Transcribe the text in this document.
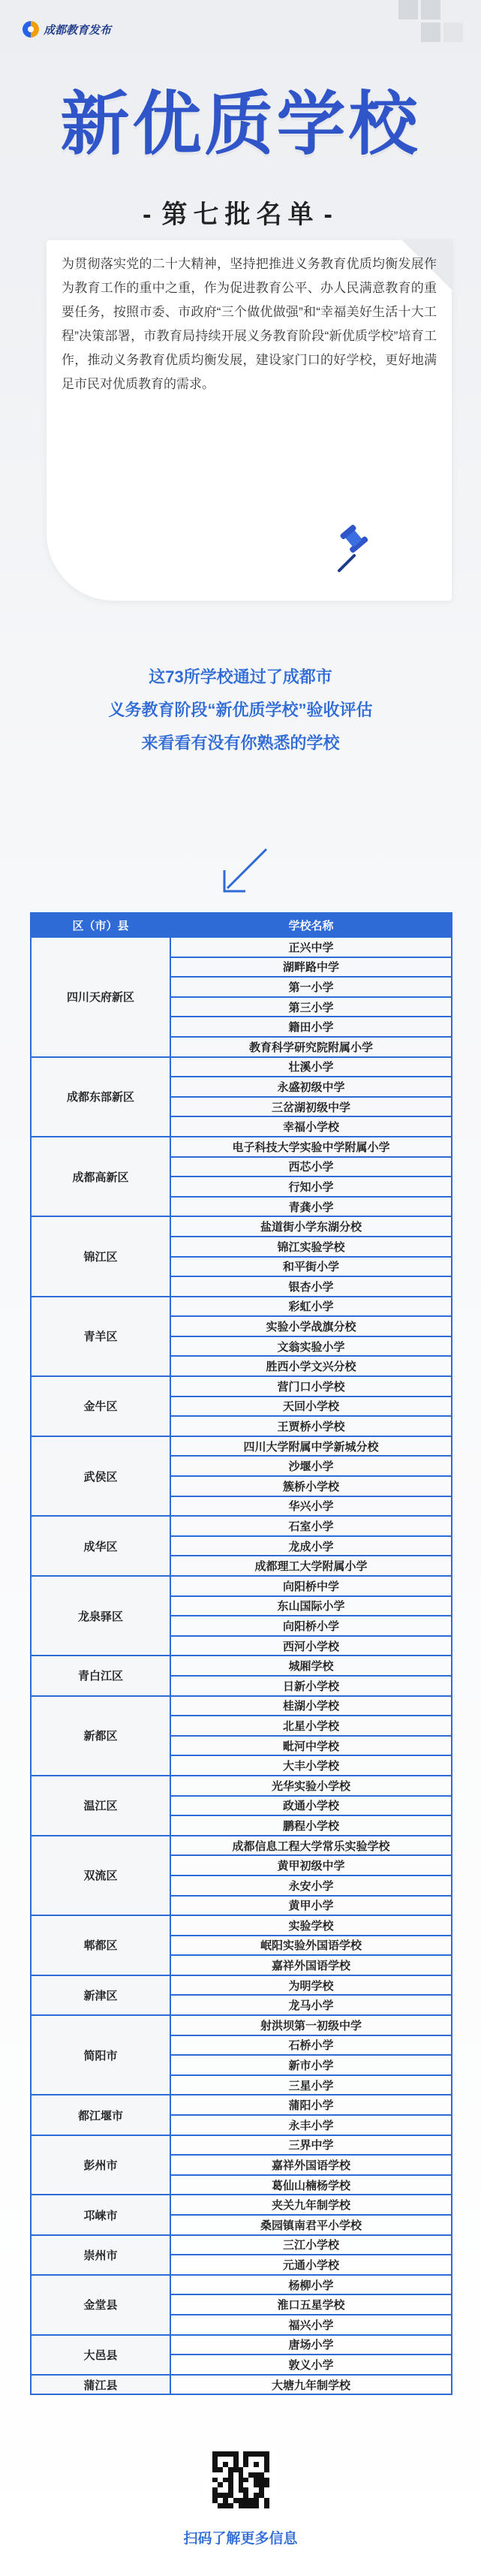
成都教育发布
新优质学校
- 第七批名单 -

为贯彻落实党的二十大精神，坚持把推进义务教育优质均衡发展作为教育工作的重中之重，作为促进教育公平、办人民满意教育的重要任务，按照市委、市政府“三个做优做强”和“幸福美好生活十大工程”决策部署，市教育局持续开展义务教育阶段“新优质学校”培育工作，推动义务教育优质均衡发展，建设家门口的好学校，更好地满足市民对优质教育的需求。

这73所学校通过了成都市

义务教育阶段“新优质学校”验收评估

来看看有没有你熟悉的学校

区（市）县	学校名称
四川天府新区	正兴中学
	湖畔路中学
	第一小学
	第三小学
	籍田小学
	教育科学研究院附属小学
成都东部新区	壮溪小学
	永盛初级中学
	三岔湖初级中学
	幸福小学校
成都高新区	电子科技大学实验中学附属小学
	西芯小学
	行知小学
	青龚小学
锦江区	盐道街小学东湖分校
	锦江实验学校
	和平街小学
	银杏小学
青羊区	彩虹小学
	实验小学战旗分校
	文翁实验小学
	胜西小学文兴分校
金牛区	营门口小学校
	天回小学校
	王贾桥小学校
武侯区	四川大学附属中学新城分校
	沙堰小学
	簇桥小学校
	华兴小学
成华区	石室小学
	龙成小学
	成都理工大学附属小学
龙泉驿区	向阳桥中学
	东山国际小学
	向阳桥小学
	西河小学校
青白江区	城厢学校
	日新小学校
新都区	桂湖小学校
	北星小学校
	毗河中学校
	大丰小学校
温江区	光华实验小学校
	政通小学校
	鹏程小学校
双流区	成都信息工程大学常乐实验学校
	黄甲初级中学
	永安小学
	黄甲小学
郫都区	实验学校
	岷阳实验外国语学校
	嘉祥外国语学校
新津区	为明学校
	龙马小学
简阳市	射洪坝第一初级中学
	石桥小学
	新市小学
	三星小学
都江堰市	蒲阳小学
	永丰小学
彭州市	三界中学
	嘉祥外国语学校
	葛仙山楠杨学校
邛崃市	夹关九年制学校
	桑园镇南君平小学校
崇州市	三江小学校
	元通小学校
金堂县	杨柳小学
	淮口五星学校
	福兴小学
大邑县	唐场小学
	敦义小学
蒲江县	大塘九年制学校
扫码了解更多信息
